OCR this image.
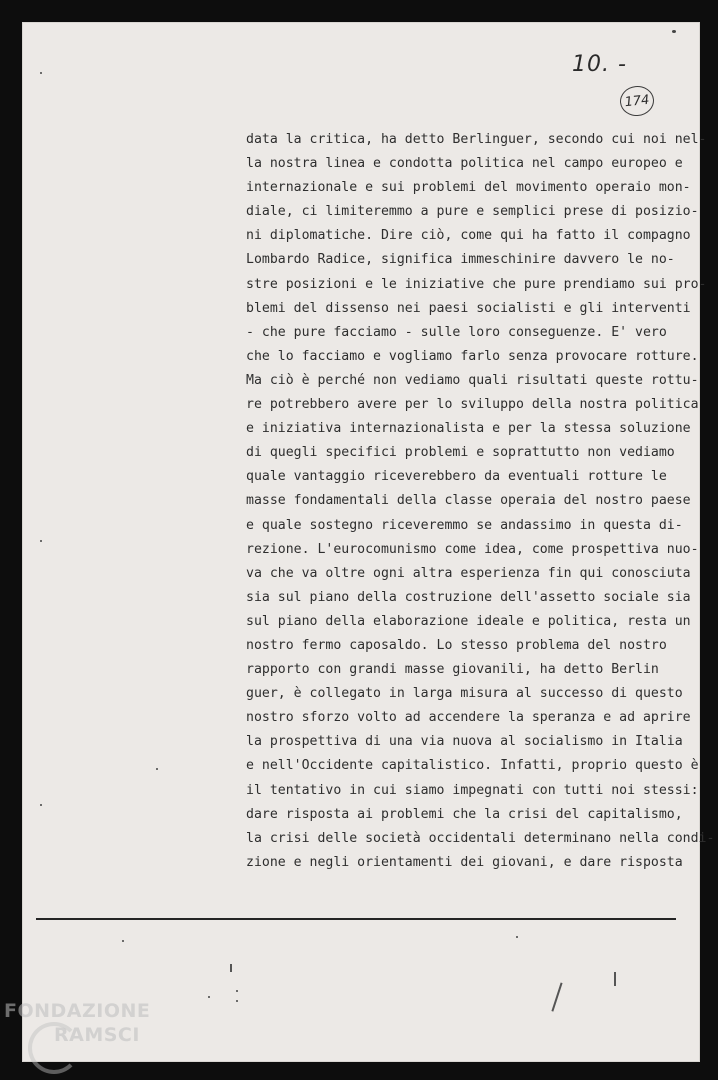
10. -
174
data la critica, ha detto Berlinguer, secondo cui noi nel-
la nostra linea e condotta politica nel campo europeo e
internazionale e sui problemi del movimento operaio mon-
diale, ci limiteremmo a pure e semplici prese di posizio-
ni diplomatiche. Dire ciò, come qui ha fatto il compagno
Lombardo Radice, significa immeschinire davvero le no-
stre posizioni e le iniziative che pure prendiamo sui pro-
blemi del dissenso nei paesi socialisti e gli interventi
- che pure facciamo - sulle loro conseguenze. E' vero
che lo facciamo e vogliamo farlo senza provocare rotture.
Ma ciò è perché non vediamo quali risultati queste rottu-
re potrebbero avere per lo sviluppo della nostra politica
e iniziativa internazionalista e per la stessa soluzione
di quegli specifici problemi e soprattutto non vediamo
quale vantaggio riceverebbero da eventuali rotture le
masse fondamentali della classe operaia del nostro paese
e quale sostegno riceveremmo se andassimo in questa di-
rezione. L'eurocomunismo come idea, come prospettiva nuo-
va che va oltre ogni altra esperienza fin qui conosciuta
sia sul piano della costruzione dell'assetto sociale sia
sul piano della elaborazione ideale e politica, resta un
nostro fermo caposaldo. Lo stesso problema del nostro
rapporto con grandi masse giovanili, ha detto Berlin
guer, è collegato in larga misura al successo di questo
nostro sforzo volto ad accendere la speranza e ad aprire
la prospettiva di una via nuova al socialismo in Italia
e nell'Occidente capitalistico. Infatti, proprio questo è
il tentativo in cui siamo impegnati con tutti noi stessi:
dare risposta ai problemi che la crisi del capitalismo,
la crisi delle società occidentali determinano nella condi-
zione e negli orientamenti dei giovani, e dare risposta
FONDAZIONE
RAMSCI
